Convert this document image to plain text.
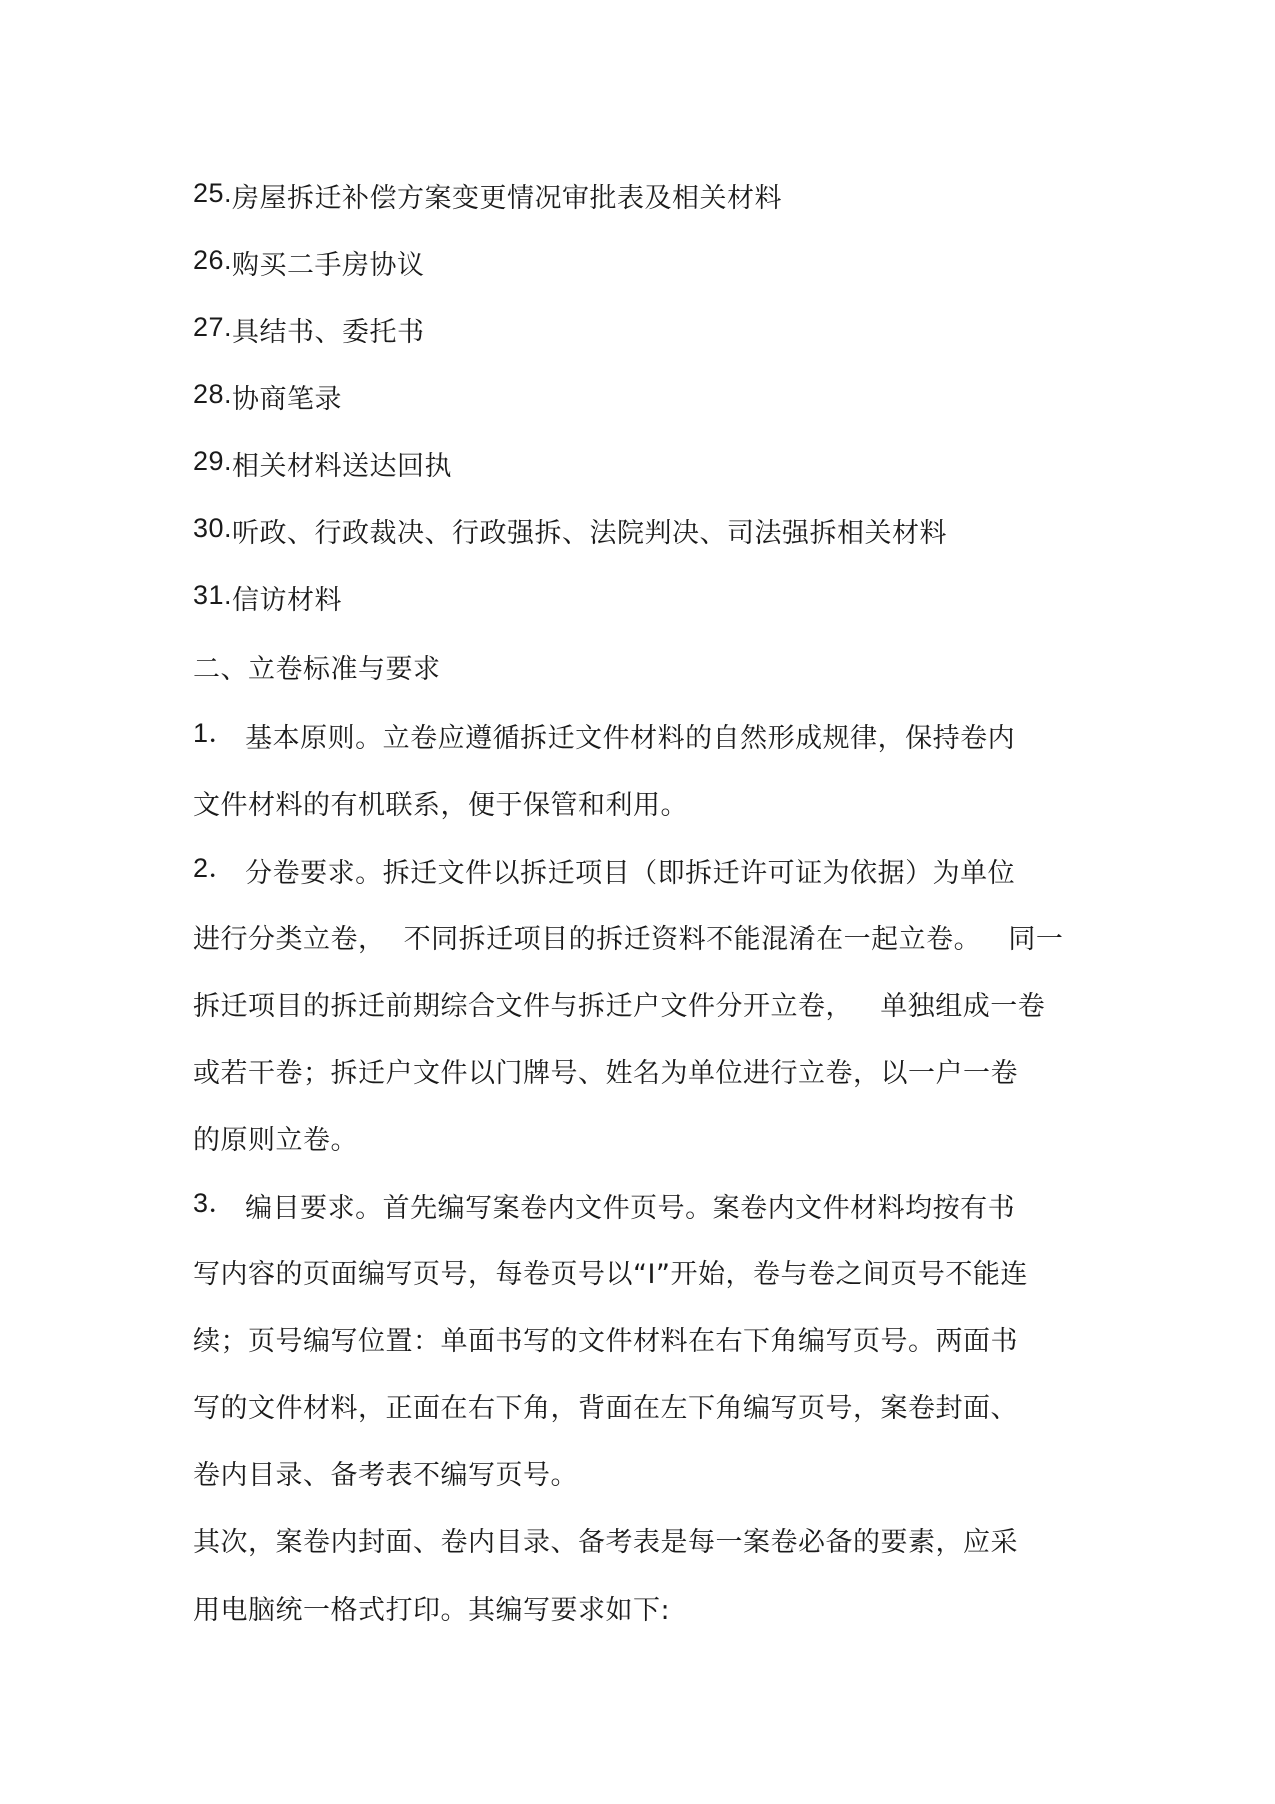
25.房屋拆迁补偿方案变更情况审批表及相关材料
26.购买二手房协议
27.具结书、委托书
28.协商笔录
29.相关材料送达回执
30.听政、行政裁决、行政强拆、法院判决、司法强拆相关材料
31.信访材料
二、立卷标准与要求
1． 基本原则。立卷应遵循拆迁文件材料的自然形成规律，保持卷内
文件材料的有机联系，便于保管和利用。
2． 分卷要求。拆迁文件以拆迁项目（即拆迁许可证为依据）为单位
进行分类立卷，  不同拆迁项目的拆迁资料不能混淆在一起立卷。   同一
拆迁项目的拆迁前期综合文件与拆迁户文件分开立卷，   单独组成一卷
或若干卷；拆迁户文件以门牌号、姓名为单位进行立卷，以一户一卷
的原则立卷。
3． 编目要求。首先编写案卷内文件页号。案卷内文件材料均按有书
写内容的页面编写页号，每卷页号以“I”开始，卷与卷之间页号不能连
续；页号编写位置：单面书写的文件材料在右下角编写页号。两面书
写的文件材料，正面在右下角，背面在左下角编写页号，案卷封面、
卷内目录、备考表不编写页号。
其次，案卷内封面、卷内目录、备考表是每一案卷必备的要素，应采
用电脑统一格式打印。其编写要求如下:
